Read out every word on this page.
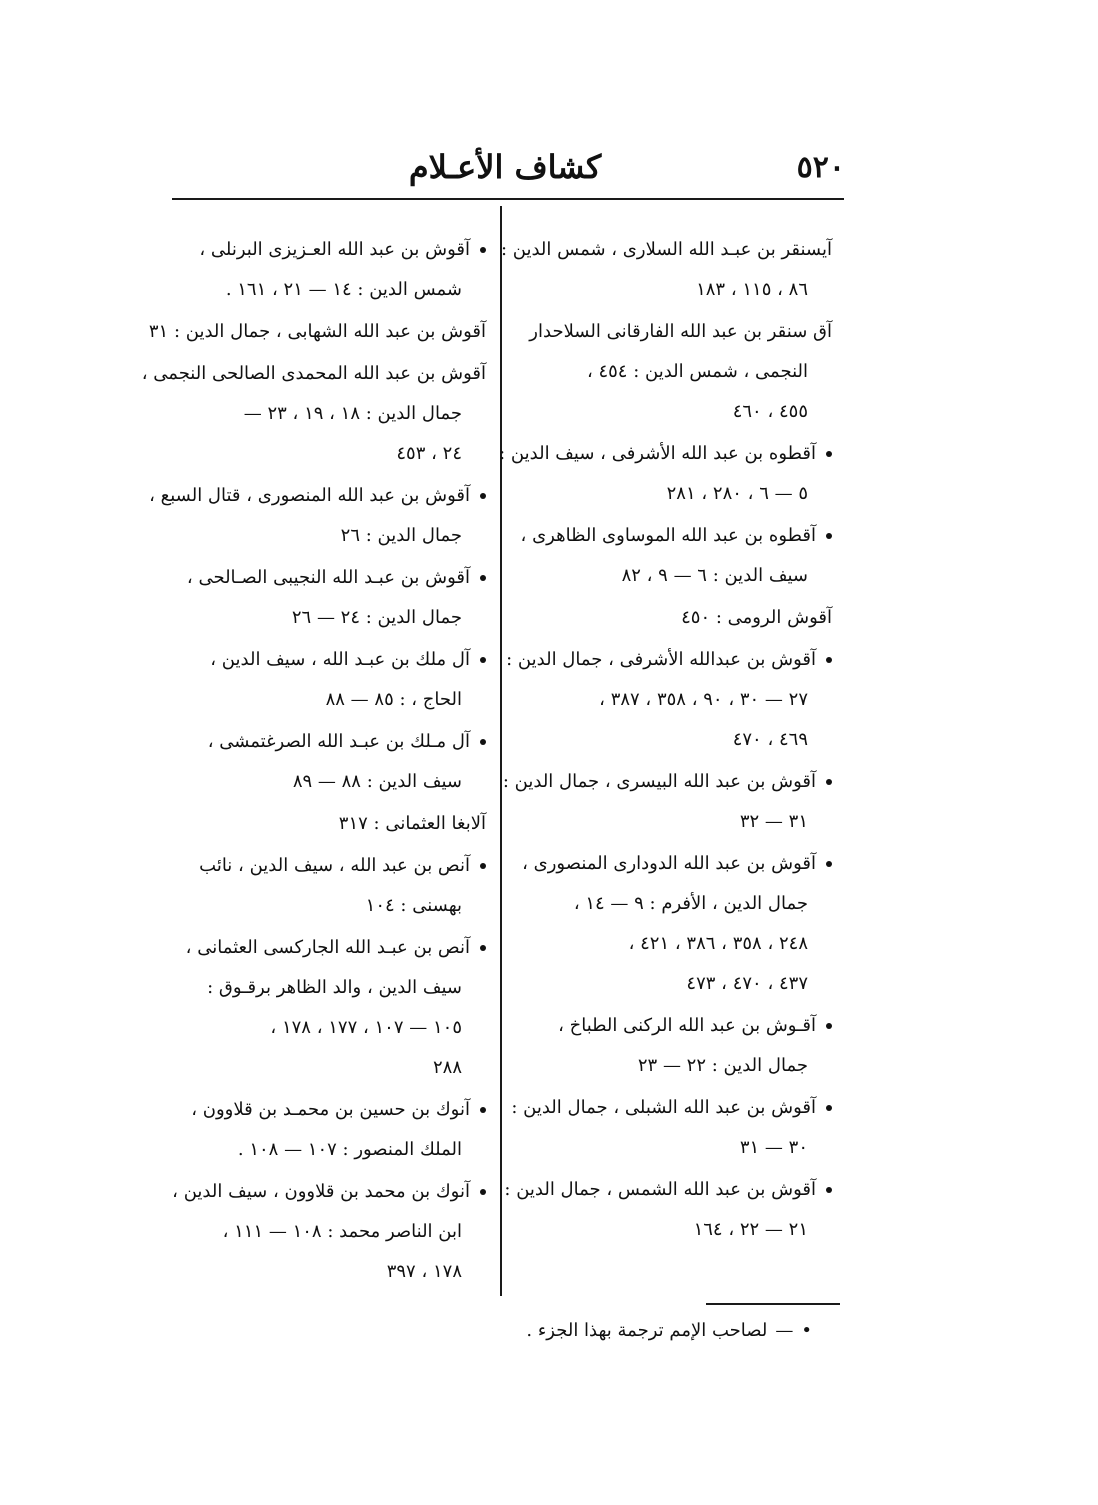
٥٢٠
كشاف الأعـلام

آيسنقر بن عبـد الله السلارى ، شمس الدين :

٨٦ ، ١١٥ ، ١٨٣

آق سنقر بن عبد الله الفارقانى السلاحدار

النجمى ، شمس الدين : ٤٥٤ ،

٤٥٥ ، ٤٦٠

آقطوه بن عبد الله الأشرفى ، سيف الدين :

٥ — ٦ ، ٢٨٠ ، ٢٨١

آقطوه بن عبد الله الموساوى الظاهرى ،

سيف الدين : ٦ — ٩ ، ٨٢

آقوش الرومى : ٤٥٠

آقوش بن عبدالله الأشرفى ، جمال الدين :

٢٧ — ٣٠ ، ٩٠ ، ٣٥٨ ، ٣٨٧ ،

٤٦٩ ، ٤٧٠

آقوش بن عبد الله البيسرى ، جمال الدين :

٣١ — ٣٢

آقوش بن عبد الله الدودارى المنصورى ،

جمال الدين ، الأفرم : ٩ — ١٤ ،

٢٤٨ ، ٣٥٨ ، ٣٨٦ ، ٤٢١ ،

٤٣٧ ، ٤٧٠ ، ٤٧٣

آقـوش بن عبد الله الركنى الطباخ ،

جمال الدين : ٢٢ — ٢٣

آقوش بن عبد الله الشبلى ، جمال الدين :

٣٠ — ٣١

آقوش بن عبد الله الشمس ، جمال الدين :

٢١ — ٢٢ ، ١٦٤

آقوش بن عبد الله العـزيزى البرنلى ،

شمس الدين : ١٤ — ٢١ ، ١٦١ .

آقوش بن عبد الله الشهابى ، جمال الدين : ٣١

آقوش بن عبد الله المحمدى الصالحى النجمى ،

جمال الدين : ١٨ ، ١٩ ، ٢٣ —

٢٤ ، ٤٥٣

آقوش بن عبد الله المنصورى ، قتال السبع ،

جمال الدين : ٢٦

آقوش بن عبـد الله النجيبى الصـالحى ،

جمال الدين : ٢٤ — ٢٦

آل ملك بن عبـد الله ، سيف الدين ،

الحاج ، : ٨٥ — ٨٨

آل مـلك بن عبـد الله الصرغتمشى ،

سيف الدين : ٨٨ — ٨٩

آلابغا العثمانى : ٣١٧

آنص بن عبد الله ، سيف الدين ، نائب

بهسنى : ١٠٤

آنص بن عبـد الله الجاركسى العثمانى ،

سيف الدين ، والد الظاهر برقـوق :

١٠٥ — ١٠٧ ، ١٧٧ ، ١٧٨ ،

٢٨٨

آنوك بن حسين بن محمـد بن قلاوون ،

الملك المنصور : ١٠٧ — ١٠٨ .

آنوك بن محمد بن قلاوون ، سيف الدين ،

ابن الناصر محمد : ١٠٨ — ١١١ ،

١٧٨ ، ٣٩٧

•—لصاحب الإمم ترجمة بهذا الجزء .
